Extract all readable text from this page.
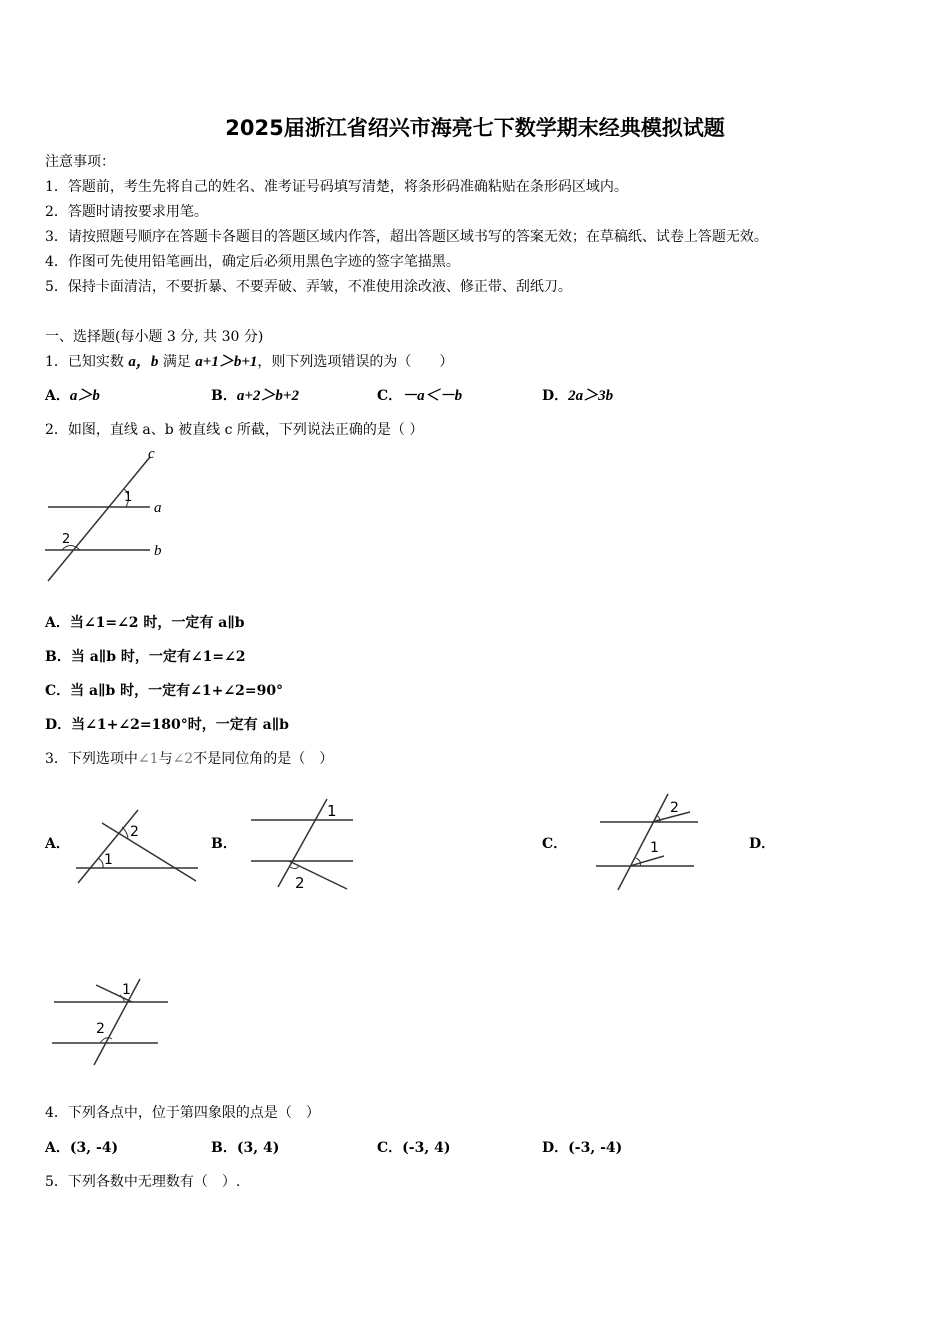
2025届浙江省绍兴市海亮七下数学期末经典模拟试题
注意事项：
1．答题前，考生先将自己的姓名、准考证号码填写清楚，将条形码准确粘贴在条形码区域内。
2．答题时请按要求用笔。
3．请按照题号顺序在答题卡各题目的答题区域内作答，超出答题区域书写的答案无效；在草稿纸、试卷上答题无效。
4．作图可先使用铅笔画出，确定后必须用黑色字迹的签字笔描黑。
5．保持卡面清洁，不要折暴、不要弄破、弄皱，不准使用涂改液、修正带、刮纸刀。
一、选择题(每小题 3 分, 共 30 分)
1．已知实数 a，b 满足 a+1＞b+1，则下列选项错误的为（　　）
A．a＞b	B．a+2＞b+2	C．－a＜－b	D．2a＞3b
2．如图，直线 a、b 被直线 c 所截，下列说法正确的是（ ）
c
a
b
1
2
A．当∠1=∠2 时，一定有 a∥b
B．当 a∥b 时，一定有∠1=∠2
C．当 a∥b 时，一定有∠1+∠2=90°
D．当∠1+∠2=180°时，一定有 a∥b
3．下列选项中∠1与∠2不是同位角的是（　）
A．
2
1
B．
1
2
C．
2
1	D．
1
2
4．下列各点中，位于第四象限的点是（　）
A．(3, -4)	B．(3, 4)	C．(-3, 4)	D．(-3, -4)
5．下列各数中无理数有（　）.
